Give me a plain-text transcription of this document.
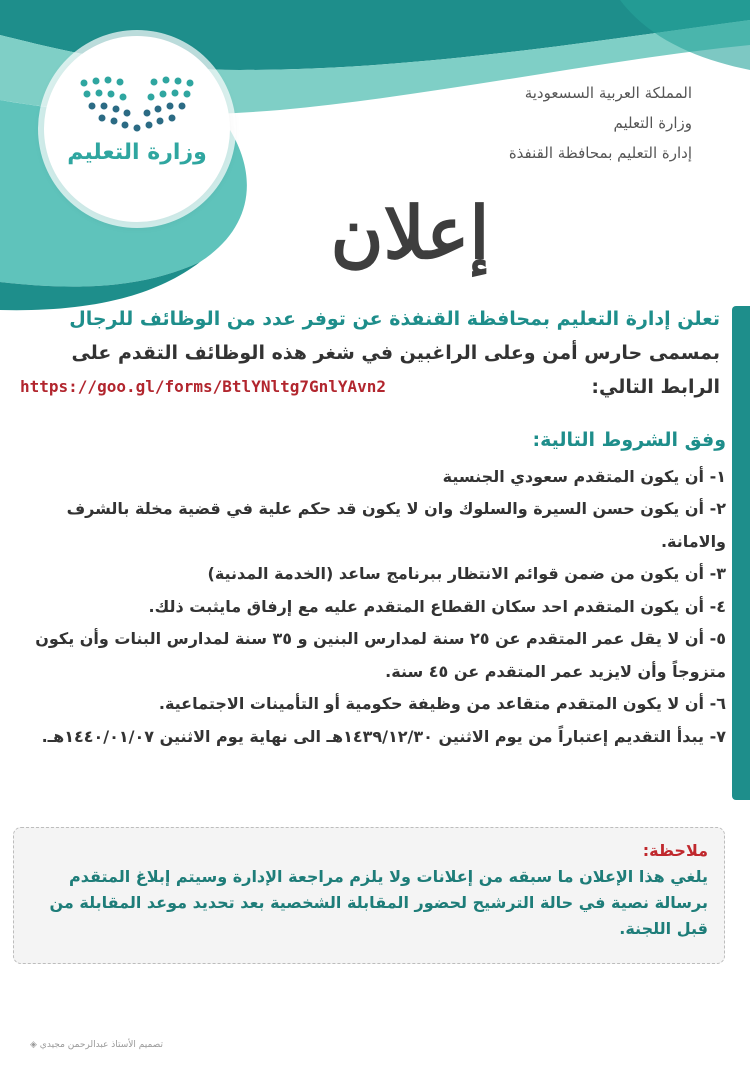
وزارة التعليم
المملكة العربية السسعودية
وزارة التعليم
إدارة التعليم بمحافظة القنفذة
إعلان
تعلن إدارة التعليم بمحافظة القنفذة عن توفر عدد من الوظائف للرجال
بمسمى حارس أمن وعلى الراغبين في شغر هذه الوظائف التقدم على
الرابط التالي:
https://goo.gl/forms/BtlYNltg7GnlYAvn2
وفق الشروط التالية:
١- أن يكون المتقدم سعودي الجنسية
٢- أن يكون حسن السيرة والسلوك وان لا يكون قد حكم علية في قضية مخلة بالشرف والامانة.
٣- أن يكون من ضمن قوائم الانتظار ببرنامج ساعد (الخدمة المدنية)
٤- أن يكون المتقدم احد سكان القطاع المتقدم عليه مع إرفاق مايثبت ذلك.
٥- أن لا يقل عمر المتقدم عن ٢٥ سنة لمدارس البنين و ٣٥ سنة لمدارس البنات وأن يكون متزوجاً وأن لايزيد عمر المتقدم عن ٤٥ سنة.
٦- أن لا يكون المتقدم متقاعد من وظيفة حكومية أو التأمينات الاجتماعية.
٧- يبدأ التقديم إعتباراً من يوم الاثنين ١٤٣٩/١٢/٣٠هـ الى نهاية يوم الاثنين ١٤٤٠/٠١/٠٧هـ.
ملاحظة:
يلغي هذا الإعلان ما سبقه من إعلانات ولا يلزم مراجعة الإدارة وسيتم إبلاغ المتقدم برسالة نصية في حالة الترشيح لحضور المقابلة الشخصية بعد تحديد موعد المقابلة من قبل اللجنة.
تصميم الأستاذ عبدالرحمن مجيدي ◈
